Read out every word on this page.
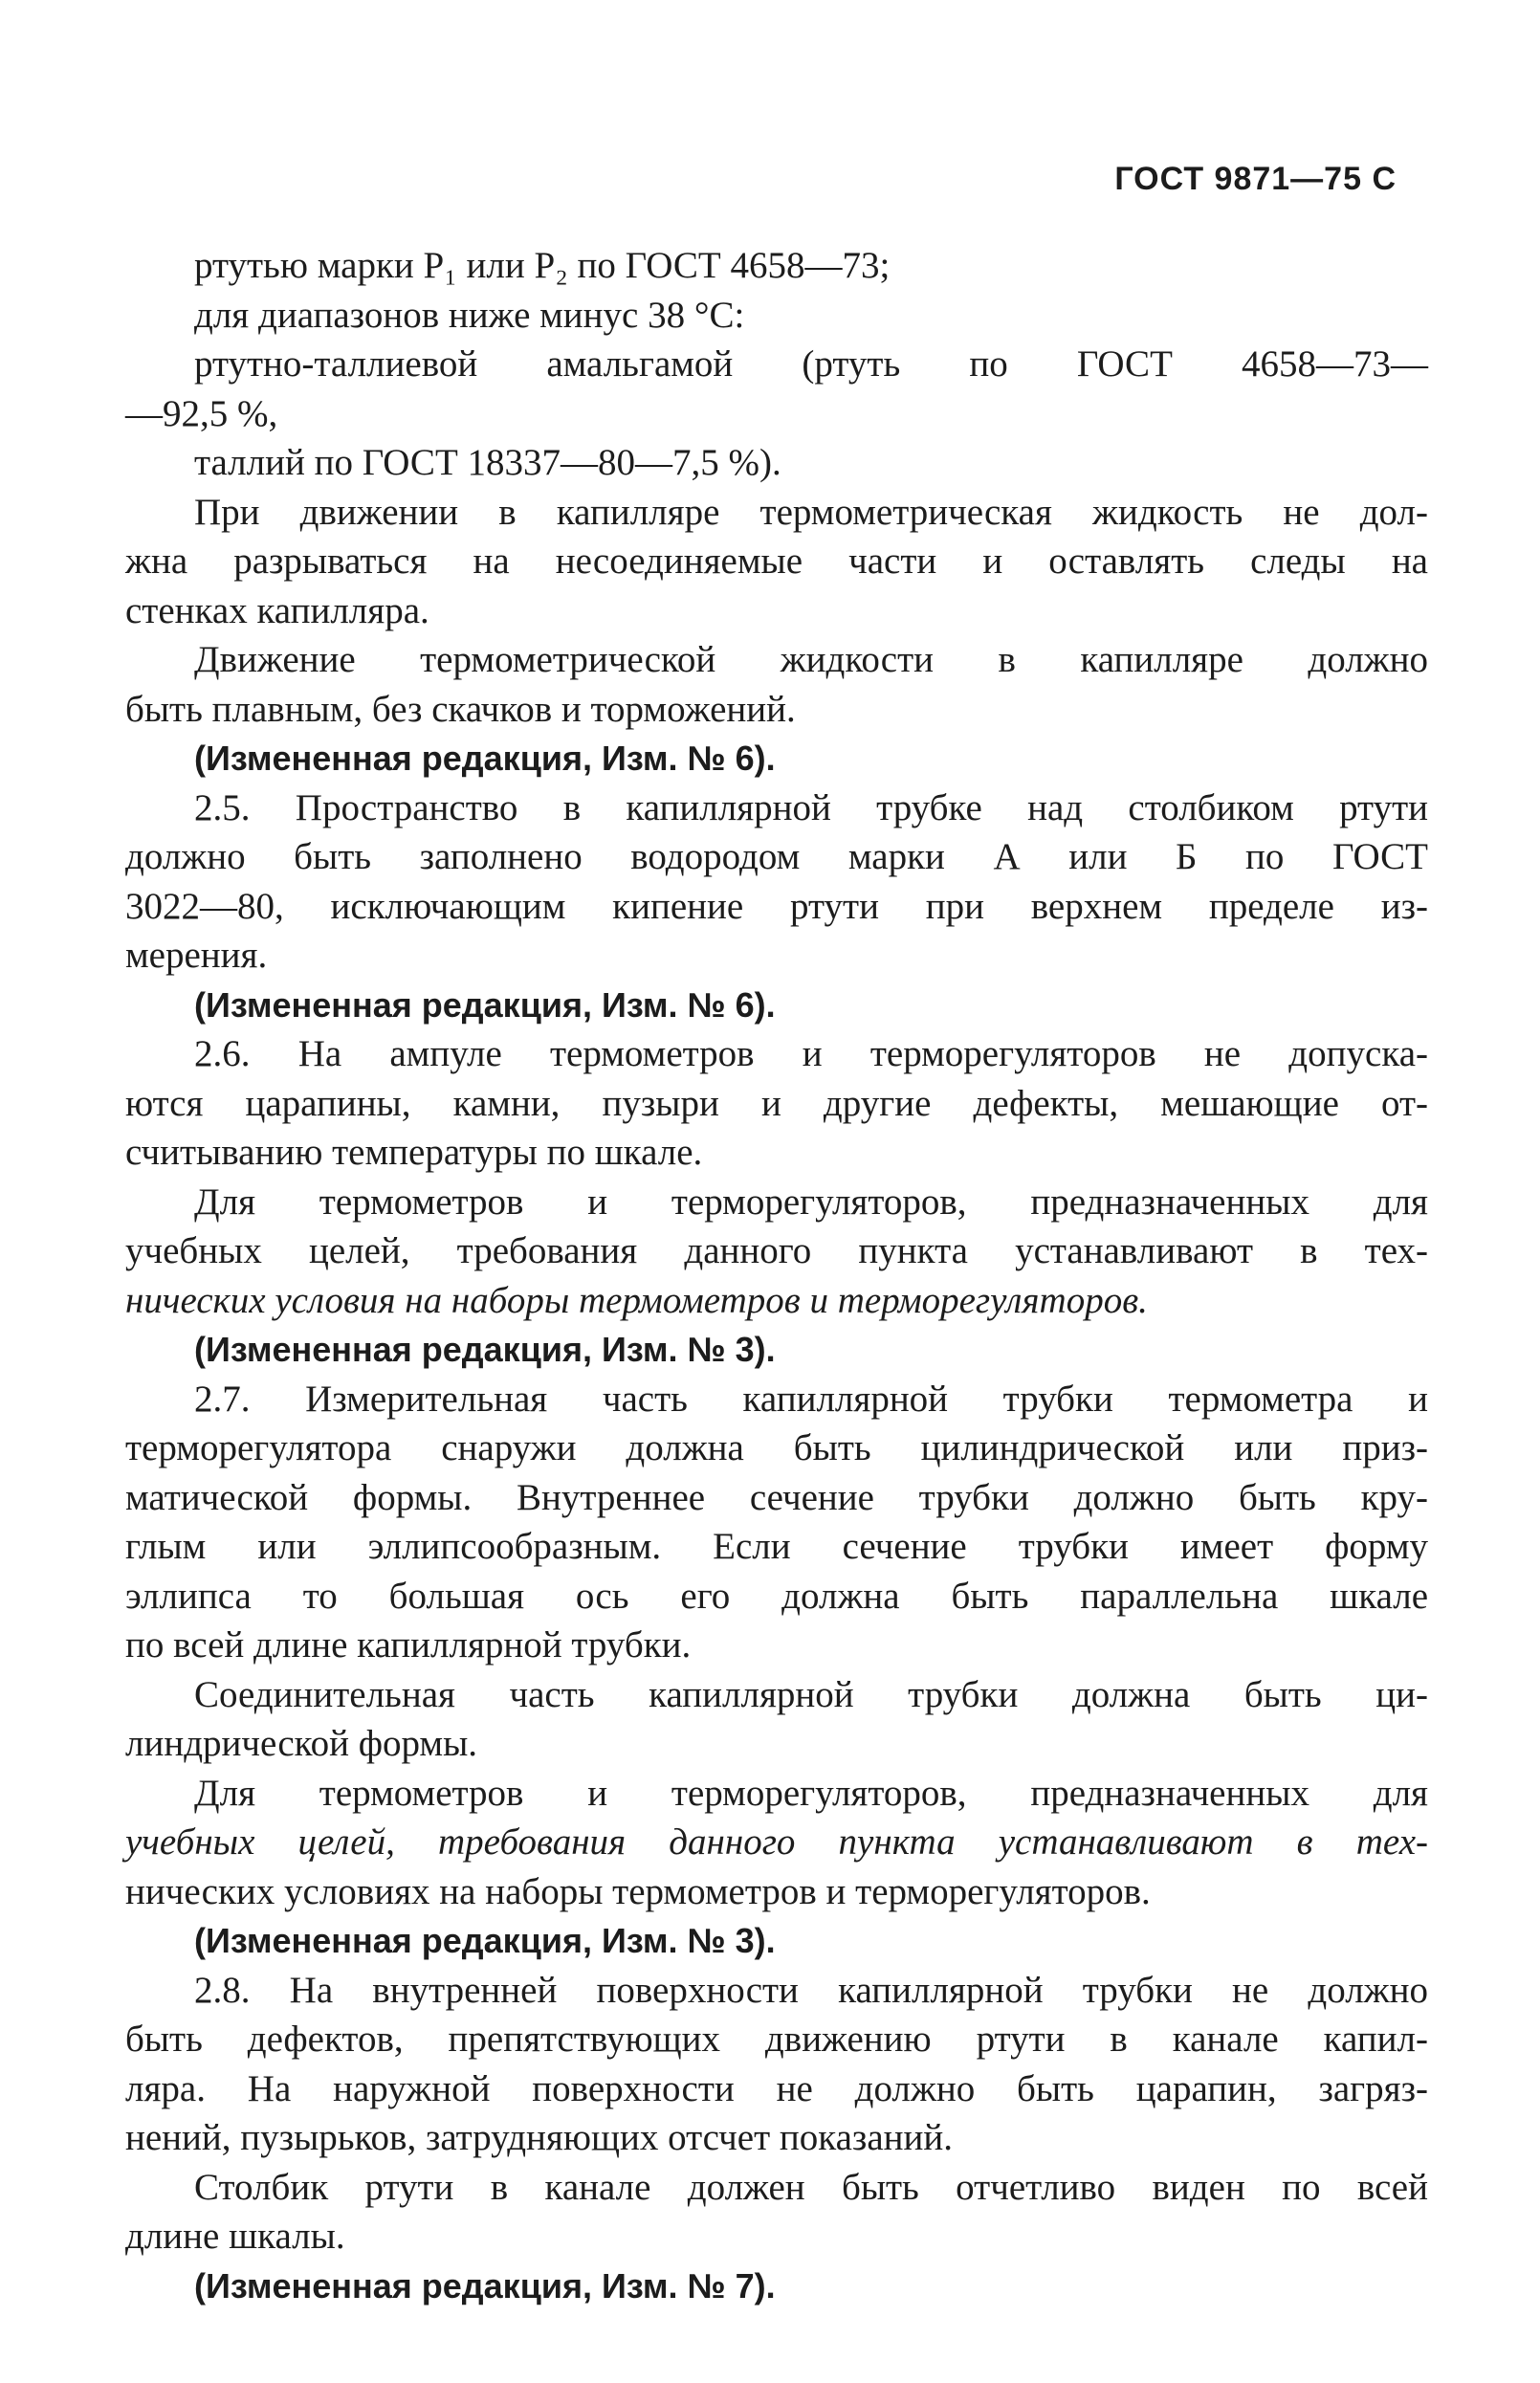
ГОСТ 9871—75 С
ртутью марки P₁ или P₂ по ГОСТ 4658—73;
для диапазонов ниже минус 38 °С:
ртутно-таллиевой амальгамой (ртуть по ГОСТ 4658—73—
—92,5 %,
таллий по ГОСТ 18337—80—7,5 %).
При движении в капилляре термометрическая жидкость не дол-
жна разрываться на несоединяемые части и оставлять следы на
стенках капилляра.
Движение термометрической жидкости в капилляре должно
быть плавным, без скачков и торможений.
(Измененная редакция, Изм. № 6).
2.5. Пространство в капиллярной трубке над столбиком ртути
должно быть заполнено водородом марки А или Б по ГОСТ
3022—80, исключающим кипение ртути при верхнем пределе из-
мерения.
(Измененная редакция, Изм. № 6).
2.6. На ампуле термометров и терморегуляторов не допуска-
ются царапины, камни, пузыри и другие дефекты, мешающие от-
считыванию температуры по шкале.
Для термометров и терморегуляторов, предназначенных для
учебных целей, требования данного пункта устанавливают в тех-
нических условия на наборы термометров и терморегуляторов.
(Измененная редакция, Изм. № 3).
2.7. Измерительная часть капиллярной трубки термометра и
терморегулятора снаружи должна быть цилиндрической или приз-
матической формы. Внутреннее сечение трубки должно быть кру-
глым или эллипсообразным. Если сечение трубки имеет форму
эллипса то большая ось его должна быть параллельна шкале
по всей длине капиллярной трубки.
Соединительная часть капиллярной трубки должна быть ци-
линдрической формы.
Для термометров и терморегуляторов, предназначенных для
учебных целей, требования данного пункта устанавливают в тех-
нических условиях на наборы термометров и терморегуляторов.
(Измененная редакция, Изм. № 3).
2.8. На внутренней поверхности капиллярной трубки не должно
быть дефектов, препятствующих движению ртути в канале капил-
ляра. На наружной поверхности не должно быть царапин, загряз-
нений, пузырьков, затрудняющих отсчет показаний.
Столбик ртути в канале должен быть отчетливо виден по всей
длине шкалы.
(Измененная редакция, Изм. № 7).
